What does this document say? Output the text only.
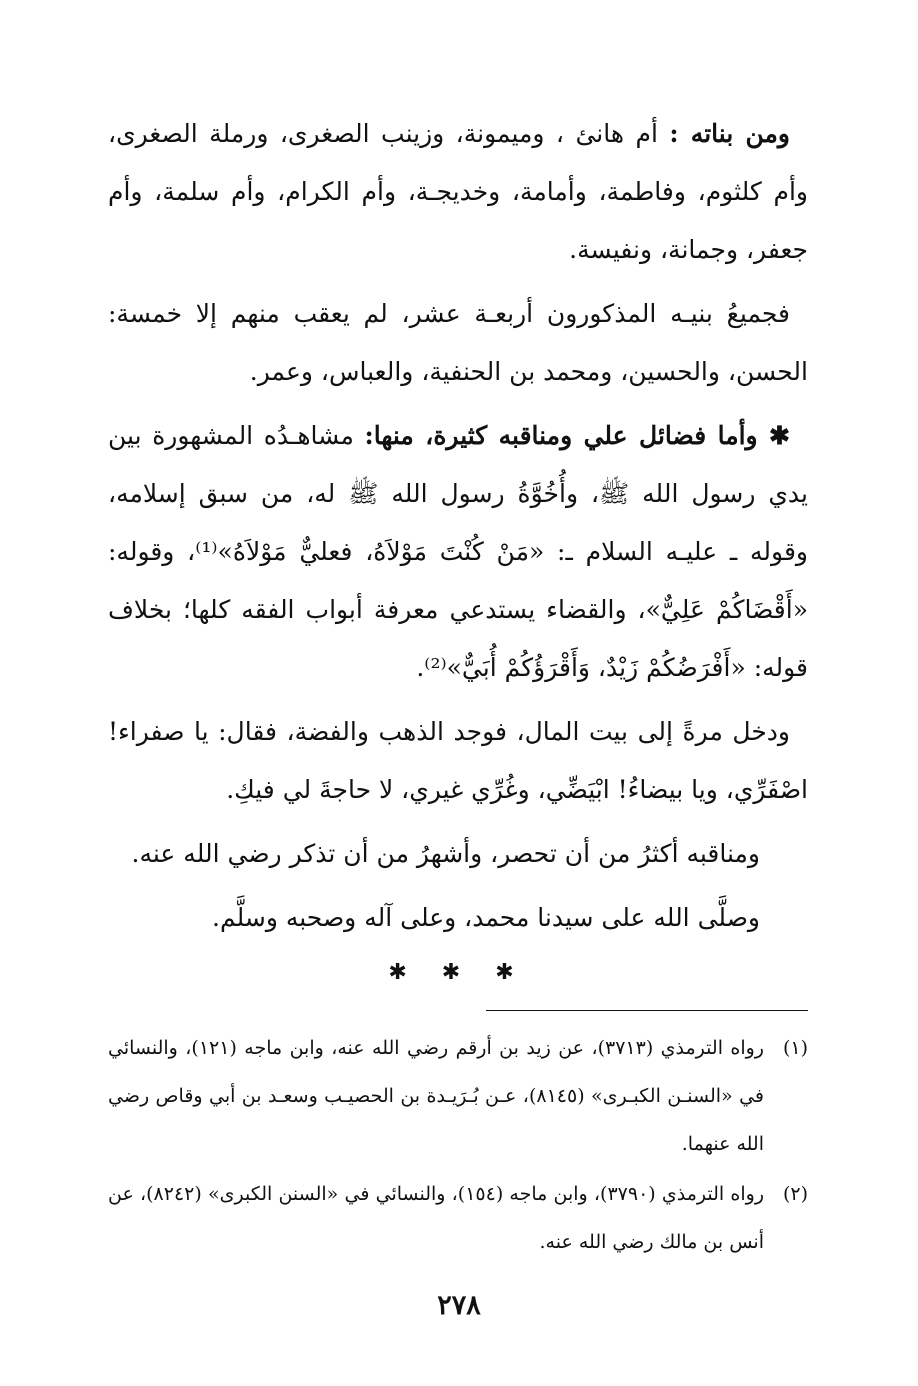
ومن بناته : أم هانئ ، وميمونة، وزينب الصغرى، ورملة الصغرى، وأم كلثوم، وفاطمة، وأمامة، وخديجـة، وأم الكرام، وأم سلمة، وأم جعفر، وجمانة، ونفيسة.

فجميعُ بنيـه المذكورون أربعـة عشر، لم يعقب منهم إلا خمسة: الحسن، والحسين، ومحمد بن الحنفية، والعباس، وعمر.

✱ وأما فضائل علي ومناقبه كثيرة، منها: مشاهـدُه المشهورة بين يدي رسول الله ﷺ، وأُخُوَّةُ رسول الله ﷺ له، من سبق إسلامه، وقوله ـ عليـه السلام ـ: «مَنْ كُنْتَ مَوْلاَهُ، فعليٌّ مَوْلاَهُ»⁽¹⁾، وقوله: «أَقْضَاكُمْ عَلِيٌّ»، والقضاء يستدعي معرفة أبواب الفقه كلها؛ بخلاف قوله: «أَفْرَضُكُمْ زَيْدٌ، وَأَقْرَؤُكُمْ أُبَيٌّ»⁽²⁾.

ودخل مرةً إلى بيت المال، فوجد الذهب والفضة، فقال: يا صفراء! اصْفَرِّي، ويا بيضاءُ! ابْيَضِّي، وغُرِّي غيري، لا حاجةَ لي فيكِ.

ومناقبه أكثرُ من أن تحصر، وأشهرُ من أن تذكر رضي الله عنه.

وصلَّى الله على سيدنا محمد، وعلى آله وصحبه وسلَّم.

✱ ✱ ✱
(١)
رواه الترمذي (٣٧١٣)، عن زيد بن أرقم رضي الله عنه، وابن ماجه (١٢١)، والنسائي في «السنـن الكبـرى» (٨١٤٥)، عـن بُـرَيـدة بن الحصيـب وسعـد بن أبي وقاص رضي الله عنهما.
(٢)
رواه الترمذي (٣٧٩٠)، وابن ماجه (١٥٤)، والنسائي في «السنن الكبرى» (٨٢٤٢)، عن أنس بن مالك رضي الله عنه.
٢٧٨
